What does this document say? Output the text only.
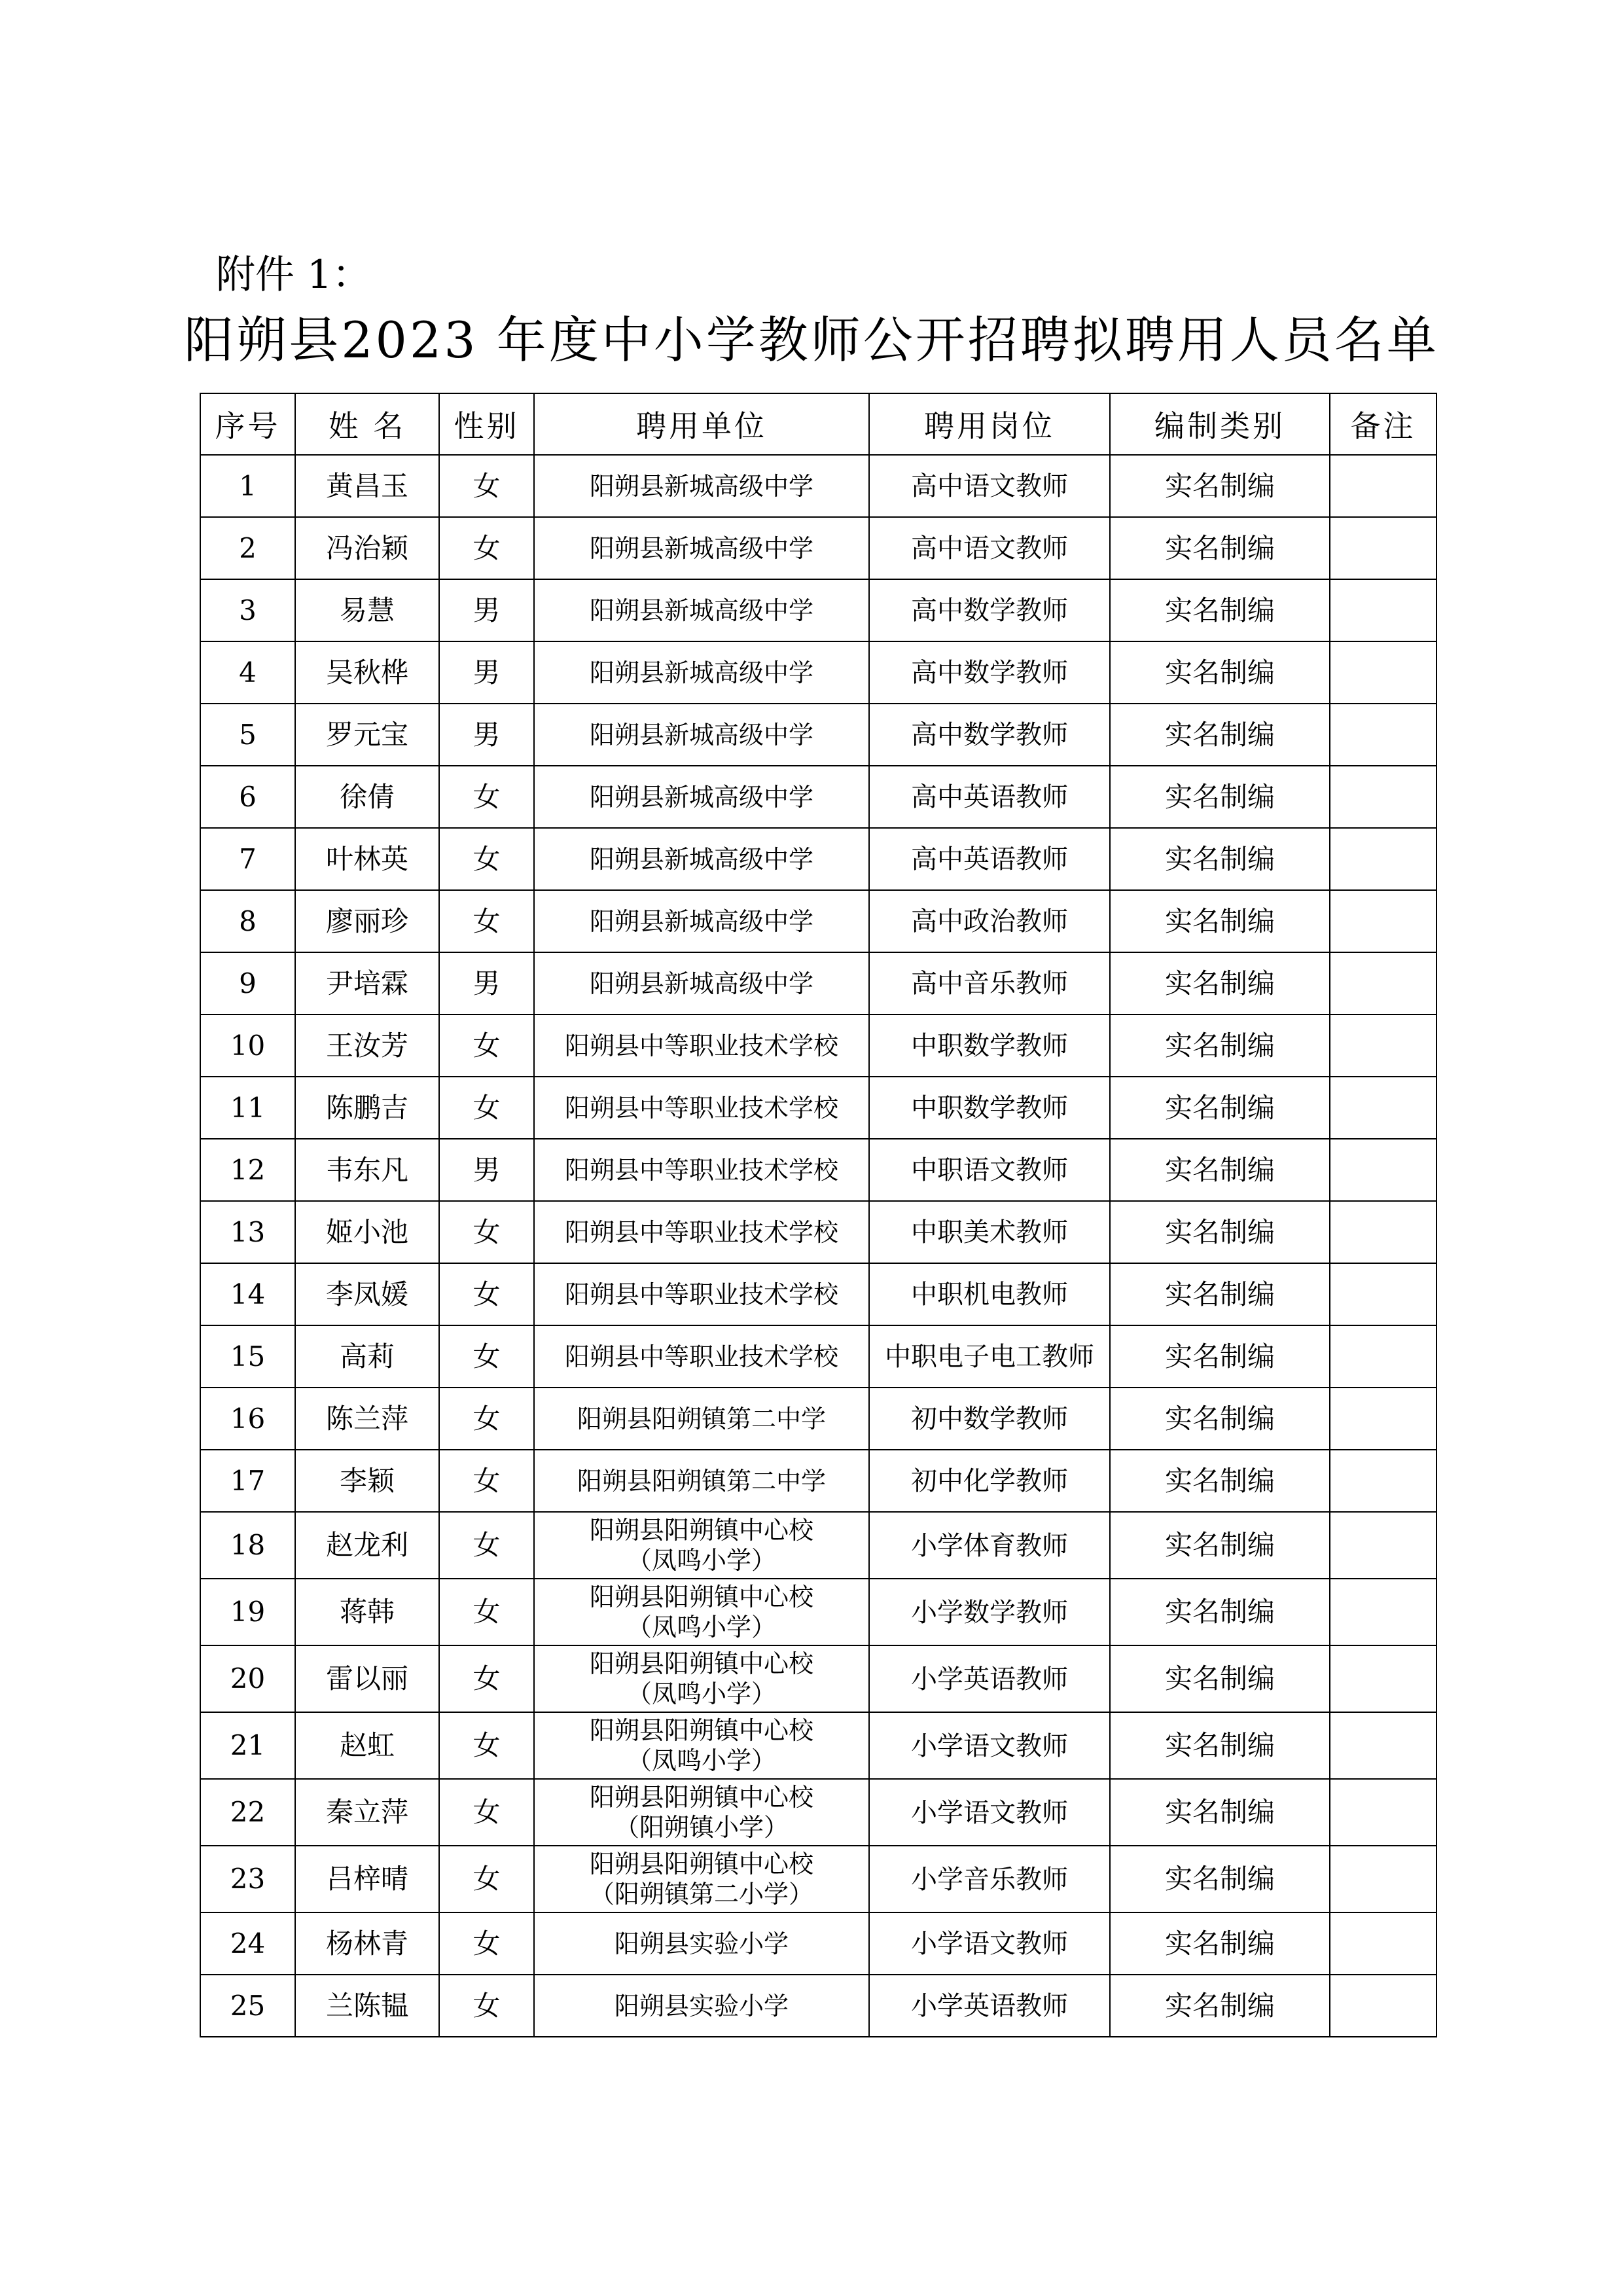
附件 1：
阳朔县2023 年度中小学教师公开招聘拟聘用人员名单
序号	姓 名	性别	聘用单位	聘用岗位	编制类别	备注
1	黄昌玉	女	阳朔县新城高级中学	高中语文教师	实名制编	
2	冯治颖	女	阳朔县新城高级中学	高中语文教师	实名制编	
3	易慧	男	阳朔县新城高级中学	高中数学教师	实名制编	
4	吴秋桦	男	阳朔县新城高级中学	高中数学教师	实名制编	
5	罗元宝	男	阳朔县新城高级中学	高中数学教师	实名制编	
6	徐倩	女	阳朔县新城高级中学	高中英语教师	实名制编	
7	叶林英	女	阳朔县新城高级中学	高中英语教师	实名制编	
8	廖丽珍	女	阳朔县新城高级中学	高中政治教师	实名制编	
9	尹培霖	男	阳朔县新城高级中学	高中音乐教师	实名制编	
10	王汝芳	女	阳朔县中等职业技术学校	中职数学教师	实名制编	
11	陈鹏吉	女	阳朔县中等职业技术学校	中职数学教师	实名制编	
12	韦东凡	男	阳朔县中等职业技术学校	中职语文教师	实名制编	
13	姬小池	女	阳朔县中等职业技术学校	中职美术教师	实名制编	
14	李凤媛	女	阳朔县中等职业技术学校	中职机电教师	实名制编	
15	高莉	女	阳朔县中等职业技术学校	中职电子电工教师	实名制编	
16	陈兰萍	女	阳朔县阳朔镇第二中学	初中数学教师	实名制编	
17	李颖	女	阳朔县阳朔镇第二中学	初中化学教师	实名制编	
18	赵龙利	女	阳朔县阳朔镇中心校
（凤鸣小学）	小学体育教师	实名制编	
19	蒋韩	女	阳朔县阳朔镇中心校
（凤鸣小学）	小学数学教师	实名制编	
20	雷以丽	女	阳朔县阳朔镇中心校
（凤鸣小学）	小学英语教师	实名制编	
21	赵虹	女	阳朔县阳朔镇中心校
（凤鸣小学）	小学语文教师	实名制编	
22	秦立萍	女	阳朔县阳朔镇中心校
（阳朔镇小学）	小学语文教师	实名制编	
23	吕梓晴	女	阳朔县阳朔镇中心校
（阳朔镇第二小学）	小学音乐教师	实名制编	
24	杨林青	女	阳朔县实验小学	小学语文教师	实名制编	
25	兰陈韫	女	阳朔县实验小学	小学英语教师	实名制编	
